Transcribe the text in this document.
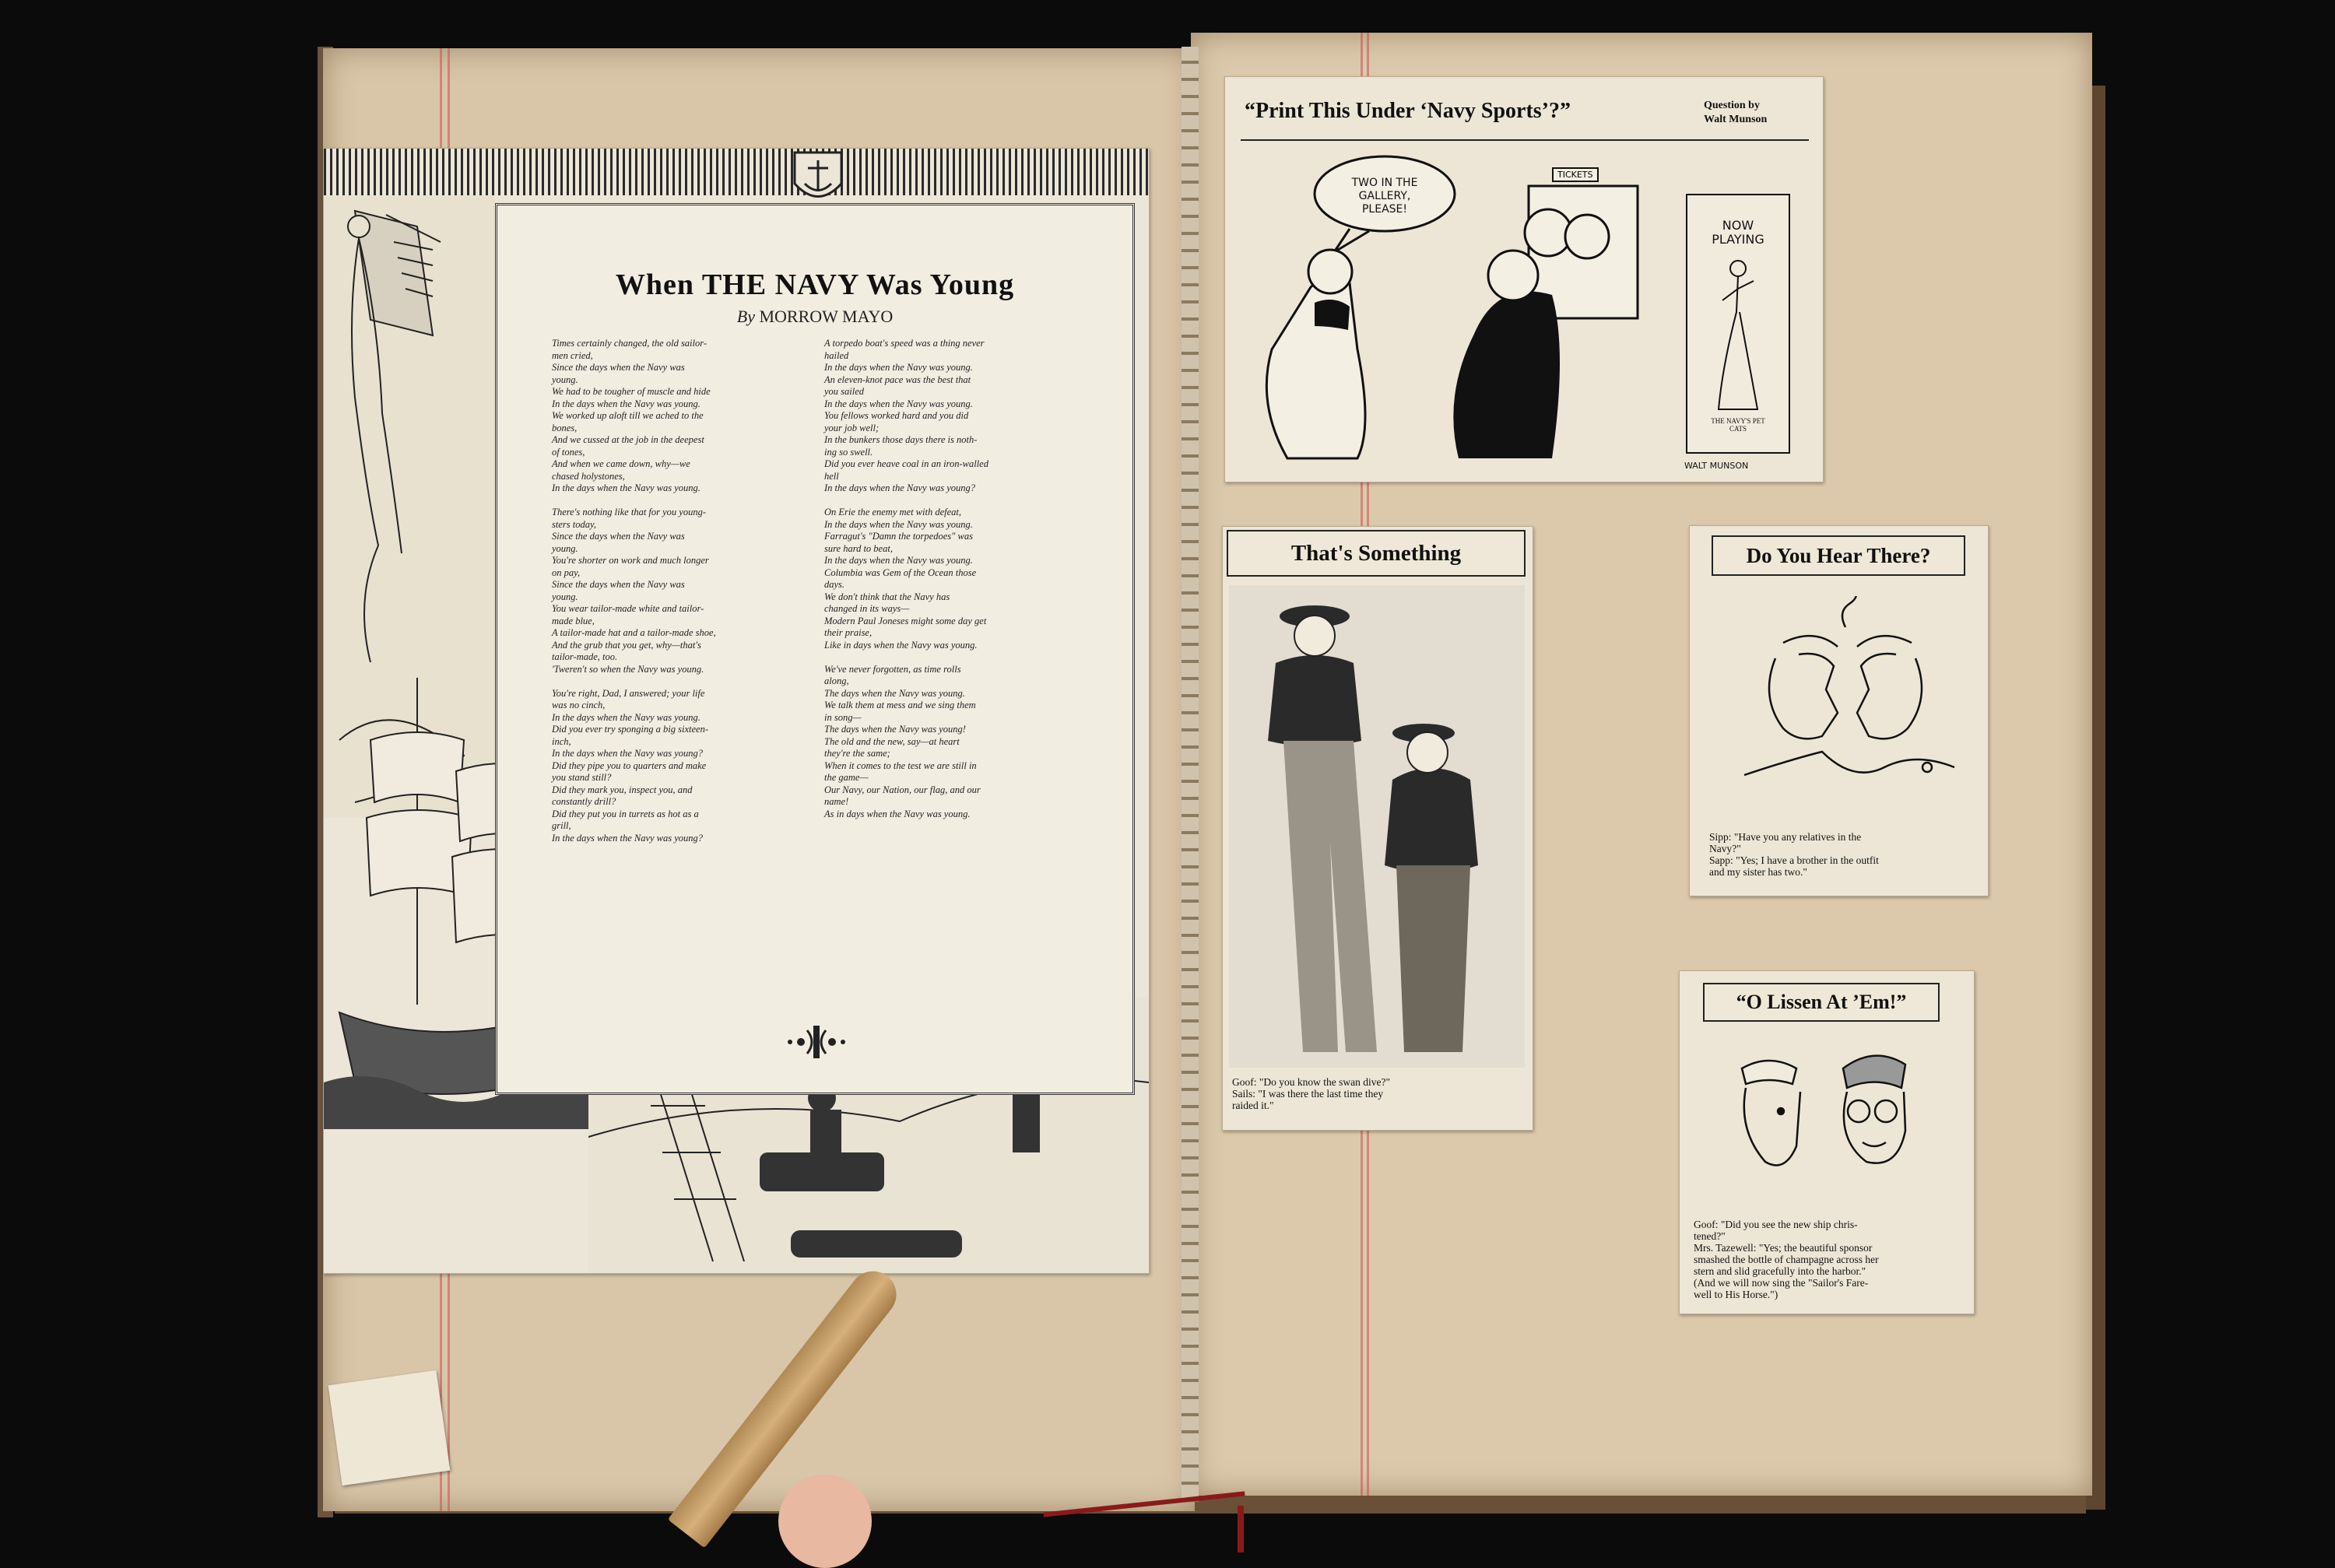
When THE NAVY Was Young
By MORROW MAYO
Times certainly changed, the old sailor-
men cried,
Since the days when the Navy was
young.
We had to be tougher of muscle and hide
In the days when the Navy was young.
We worked up aloft till we ached to the
bones,
And we cussed at the job in the deepest
of tones,
And when we came down, why—we
chased holystones,
In the days when the Navy was young.

There's nothing like that for you young-
sters today,
Since the days when the Navy was
young.
You're shorter on work and much longer
on pay,
Since the days when the Navy was
young.
You wear tailor-made white and tailor-
made blue,
A tailor-made hat and a tailor-made shoe,
And the grub that you get, why—that's
tailor-made, too.
'Tweren't so when the Navy was young.

You're right, Dad, I answered; your life
was no cinch,
In the days when the Navy was young.
Did you ever try sponging a big sixteen-
inch,
In the days when the Navy was young?
Did they pipe you to quarters and make
you stand still?
Did they mark you, inspect you, and
constantly drill?
Did they put you in turrets as hot as a
grill,
In the days when the Navy was young?
A torpedo boat's speed was a thing never
hailed
In the days when the Navy was young.
An eleven-knot pace was the best that
you sailed
In the days when the Navy was young.
You fellows worked hard and you did
your job well;
In the bunkers those days there is noth-
ing so swell.
Did you ever heave coal in an iron-walled
hell
In the days when the Navy was young?

On Erie the enemy met with defeat,
In the days when the Navy was young.
Farragut's "Damn the torpedoes" was
sure hard to beat,
In the days when the Navy was young.
Columbia was Gem of the Ocean those
days.
We don't think that the Navy has
changed in its ways—
Modern Paul Joneses might some day get
their praise,
Like in days when the Navy was young.

We've never forgotten, as time rolls
along,
The days when the Navy was young.
We talk them at mess and we sing them
in song—
The days when the Navy was young!
The old and the new, say—at heart
they're the same;
When it comes to the test we are still in
the game—
Our Navy, our Nation, our flag, and our
name!
As in days when the Navy was young.
“Print This Under ‘Navy Sports’?”	Question by
Walt Munson
TWO IN THE
GALLERY,
PLEASE!
TICKETS
NOW
PLAYING
THE NAVY'S PET
CATS
WALT MUNSON
That's Something
Goof: "Do you know the swan dive?"
Sails: "I was there the last time they
raided it."
Do You Hear There?
Sipp: "Have you any relatives in the
Navy?"
Sapp: "Yes; I have a brother in the outfit
and my sister has two."
“O Lissen At ’Em!”
Goof: "Did you see the new ship chris-
tened?"
Mrs. Tazewell: "Yes; the beautiful sponsor
smashed the bottle of champagne across her
stern and slid gracefully into the harbor."
(And we will now sing the "Sailor's Fare-
well to His Horse.")
